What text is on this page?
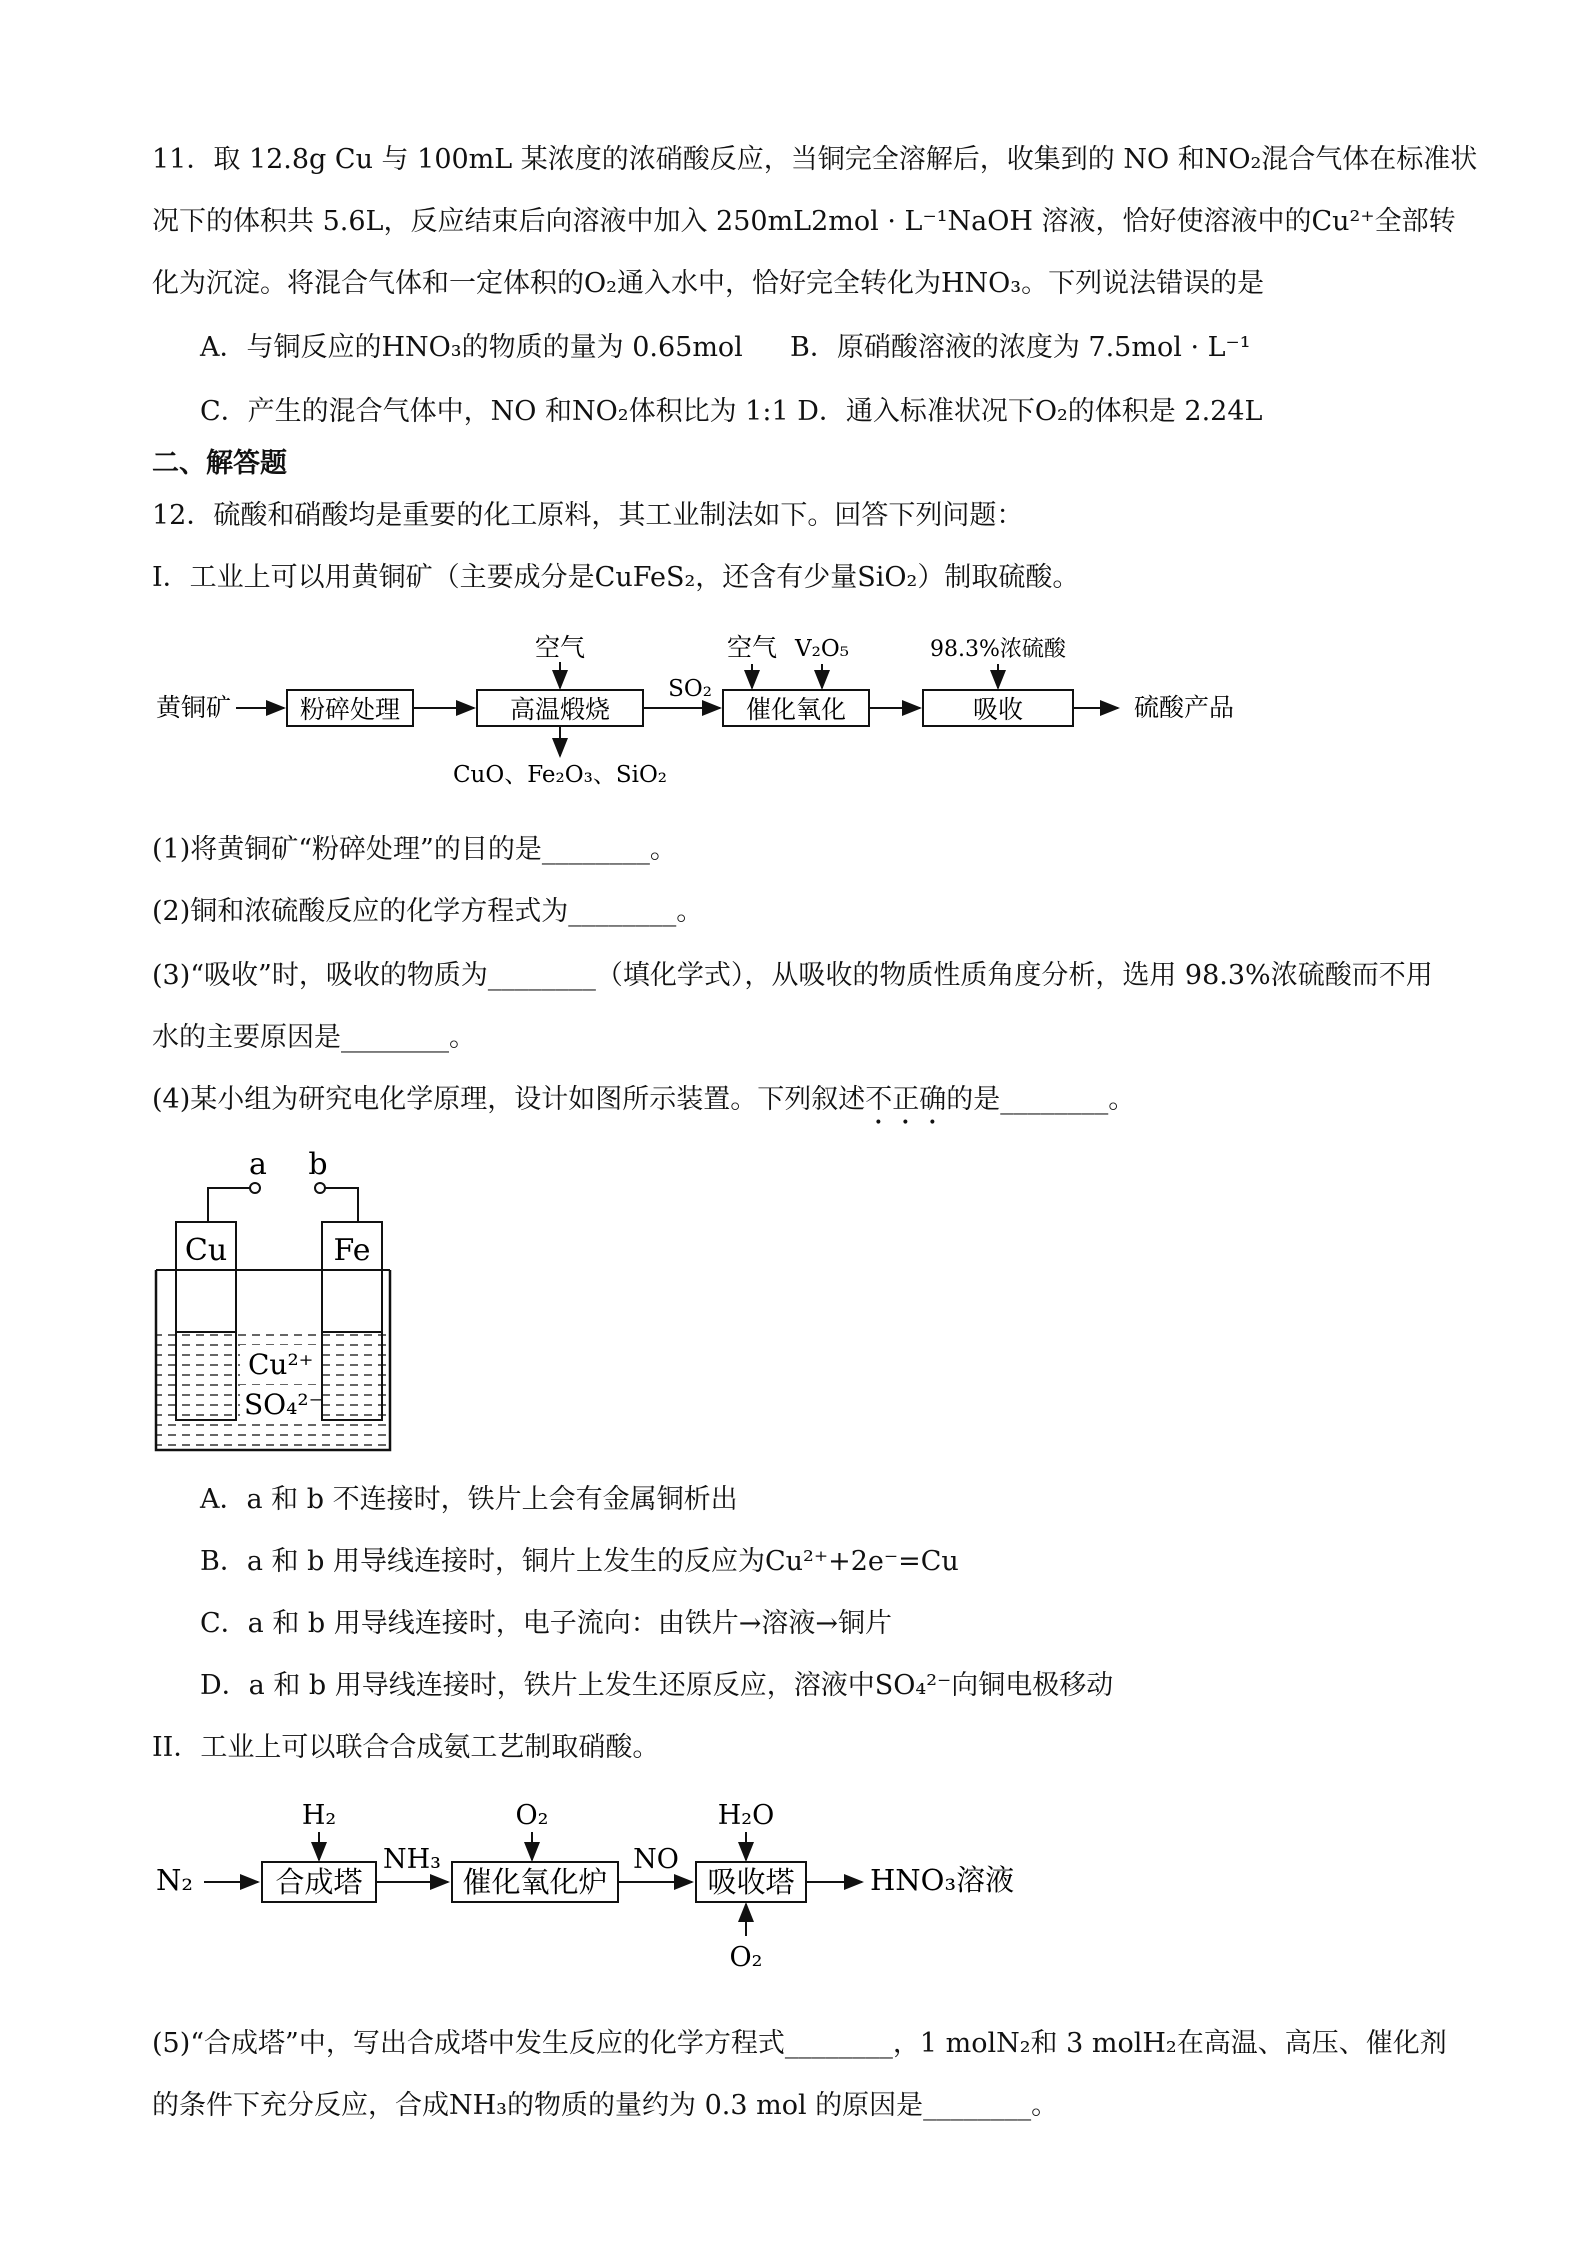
11．取 12.8g Cu 与 100mL 某浓度的浓硝酸反应，当铜完全溶解后，收集到的 NO 和NO₂混合气体在标准状
况下的体积共 5.6L，反应结束后向溶液中加入 250mL2mol · L⁻¹NaOH 溶液，恰好使溶液中的Cu²⁺全部转
化为沉淀。将混合气体和一定体积的O₂通入水中，恰好完全转化为HNO₃。下列说法错误的是
A．与铜反应的HNO₃的物质的量为 0.65mol B．原硝酸溶液的浓度为 7.5mol · L⁻¹
C．产生的混合气体中，NO 和NO₂体积比为 1:1 D．通入标准状况下O₂的体积是 2.24L
二、解答题
12．硫酸和硝酸均是重要的化工原料，其工业制法如下。回答下列问题：
I．工业上可以用黄铜矿（主要成分是CuFeS₂，还含有少量SiO₂）制取硫酸。
黄铜矿	粉碎处理	高温煅烧
空气
CuO、Fe₂O₃、SiO₂
SO₂
催化氧化
空气 V₂O₅
吸收
98.3%浓硫酸
硫酸产品
(1)将黄铜矿“粉碎处理”的目的是________。
(2)铜和浓硫酸反应的化学方程式为________。
(3)“吸收”时，吸收的物质为________（填化学式），从吸收的物质性质角度分析，选用 98.3%浓硫酸而不用
水的主要原因是________。
(4)某小组为研究电化学原理，设计如图所示装置。下列叙述不正确的是________。
a b
Cu	Fe
Cu²⁺
SO₄²⁻
A．a 和 b 不连接时，铁片上会有金属铜析出
B．a 和 b 用导线连接时，铜片上发生的反应为Cu²⁺+2e⁻=Cu
C．a 和 b 用导线连接时，电子流向：由铁片→溶液→铜片
D．a 和 b 用导线连接时，铁片上发生还原反应，溶液中SO₄²⁻向铜电极移动
II．工业上可以联合合成氨工艺制取硝酸。
N₂	合成塔
H₂
NH₃
催化氧化炉
O₂
NO
吸收塔
H₂O
O₂
HNO₃溶液
(5)“合成塔”中，写出合成塔中发生反应的化学方程式________，1 molN₂和 3 molH₂在高温、高压、催化剂
的条件下充分反应，合成NH₃的物质的量约为 0.3 mol 的原因是________。
